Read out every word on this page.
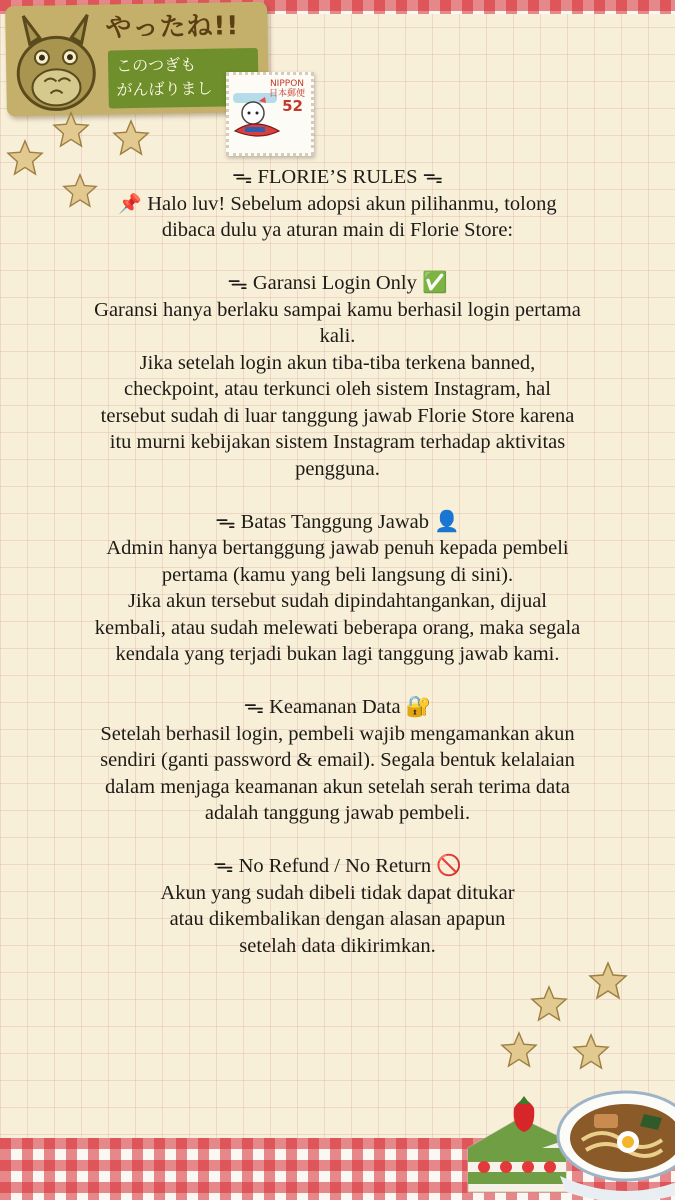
やったね!!
このつぎも
がんばりまし	NIPPON
日本郵便
52

ᯓ FLORIE’S RULES ᯓ

📌 Halo luv! Sebelum adopsi akun pilihanmu, tolong

dibaca dulu ya aturan main di Florie Store:

ᯓ Garansi Login Only ✅

Garansi hanya berlaku sampai kamu berhasil login pertama

kali.

Jika setelah login akun tiba-tiba terkena banned,

checkpoint, atau terkunci oleh sistem Instagram, hal

tersebut sudah di luar tanggung jawab Florie Store karena

itu murni kebijakan sistem Instagram terhadap aktivitas

pengguna.

ᯓ Batas Tanggung Jawab 👤

Admin hanya bertanggung jawab penuh kepada pembeli

pertama (kamu yang beli langsung di sini).

Jika akun tersebut sudah dipindahtangankan, dijual

kembali, atau sudah melewati beberapa orang, maka segala

kendala yang terjadi bukan lagi tanggung jawab kami.

ᯓ Keamanan Data 🔐

Setelah berhasil login, pembeli wajib mengamankan akun

sendiri (ganti password & email). Segala bentuk kelalaian

dalam menjaga keamanan akun setelah serah terima data

adalah tanggung jawab pembeli.

ᯓ No Refund / No Return 🚫

Akun yang sudah dibeli tidak dapat ditukar

atau dikembalikan dengan alasan apapun

setelah data dikirimkan.
